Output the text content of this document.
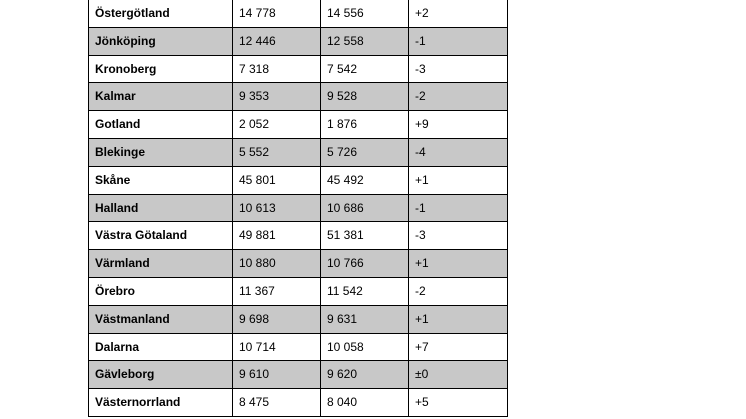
Östergötland	14 778	14 556	+2
Jönköping	12 446	12 558	-1
Kronoberg	7 318	7 542	-3
Kalmar	9 353	9 528	-2
Gotland	2 052	1 876	+9
Blekinge	5 552	5 726	-4
Skåne	45 801	45 492	+1
Halland	10 613	10 686	-1
Västra Götaland	49 881	51 381	-3
Värmland	10 880	10 766	+1
Örebro	11 367	11 542	-2
Västmanland	9 698	9 631	+1
Dalarna	10 714	10 058	+7
Gävleborg	9 610	9 620	±0
Västernorrland	8 475	8 040	+5
